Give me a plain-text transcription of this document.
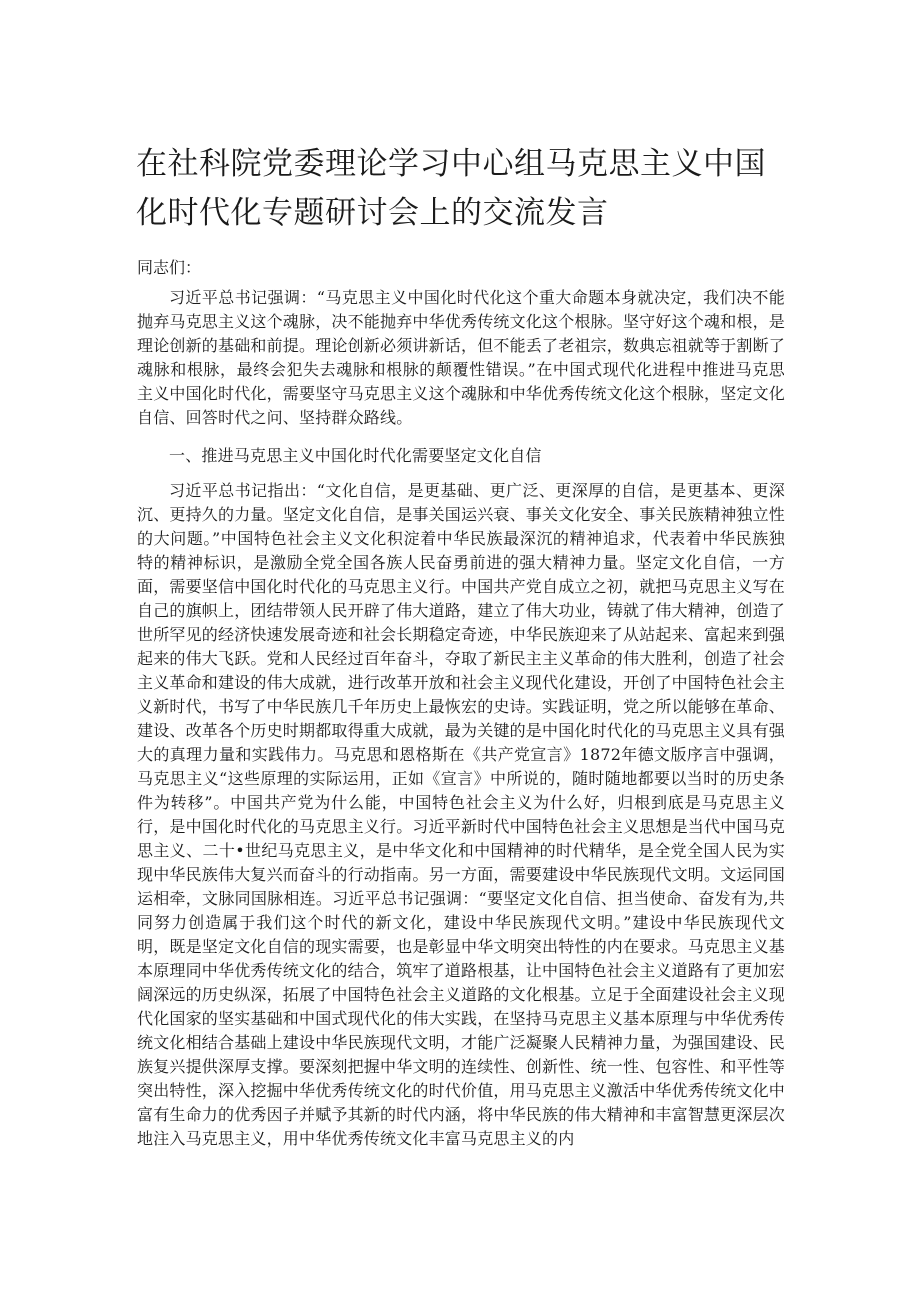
在社科院党委理论学习中心组马克思主义中国化时代化专题研讨会上的交流发言

同志们：

习近平总书记强调：“马克思主义中国化时代化这个重大命题本身就决定，我们决不能抛弃马克思主义这个魂脉，决不能抛弃中华优秀传统文化这个根脉。坚守好这个魂和根，是理论创新的基础和前提。理论创新必须讲新话，但不能丢了老祖宗，数典忘祖就等于割断了魂脉和根脉，最终会犯失去魂脉和根脉的颠覆性错误。”在中国式现代化进程中推进马克思主义中国化时代化，需要坚守马克思主义这个魂脉和中华优秀传统文化这个根脉，坚定文化自信、回答时代之问、坚持群众路线。

一、推进马克思主义中国化时代化需要坚定文化自信

习近平总书记指出：“文化自信，是更基础、更广泛、更深厚的自信，是更基本、更深沉、更持久的力量。坚定文化自信，是事关国运兴衰、事关文化安全、事关民族精神独立性的大问题。”中国特色社会主义文化积淀着中华民族最深沉的精神追求，代表着中华民族独特的精神标识，是激励全党全国各族人民奋勇前进的强大精神力量。坚定文化自信，一方面，需要坚信中国化时代化的马克思主义行。中国共产党自成立之初，就把马克思主义写在自己的旗帜上，团结带领人民开辟了伟大道路，建立了伟大功业，铸就了伟大精神，创造了世所罕见的经济快速发展奇迹和社会长期稳定奇迹，中华民族迎来了从站起来、富起来到强起来的伟大飞跃。党和人民经过百年奋斗，夺取了新民主主义革命的伟大胜利，创造了社会主义革命和建设的伟大成就，进行改革开放和社会主义现代化建设，开创了中国特色社会主义新时代，书写了中华民族几千年历史上最恢宏的史诗。实践证明，党之所以能够在革命、建设、改革各个历史时期都取得重大成就，最为关键的是中国化时代化的马克思主义具有强大的真理力量和实践伟力。马克思和恩格斯在《共产党宣言》1872年德文版序言中强调，马克思主义“这些原理的实际运用，正如《宣言》中所说的，随时随地都要以当时的历史条件为转移”。中国共产党为什么能，中国特色社会主义为什么好，归根到底是马克思主义行，是中国化时代化的马克思主义行。习近平新时代中国特色社会主义思想是当代中国马克思主义、二十•世纪马克思主义，是中华文化和中国精神的时代精华，是全党全国人民为实现中华民族伟大复兴而奋斗的行动指南。另一方面，需要建设中华民族现代文明。文运同国运相牵，文脉同国脉相连。习近平总书记强调：“要坚定文化自信、担当使命、奋发有为,共同努力创造属于我们这个时代的新文化，建设中华民族现代文明。”建设中华民族现代文明，既是坚定文化自信的现实需要，也是彰显中华文明突出特性的内在要求。马克思主义基本原理同中华优秀传统文化的结合，筑牢了道路根基，让中国特色社会主义道路有了更加宏阔深远的历史纵深，拓展了中国特色社会主义道路的文化根基。立足于全面建设社会主义现代化国家的坚实基础和中国式现代化的伟大实践，在坚持马克思主义基本原理与中华优秀传统文化相结合基础上建设中华民族现代文明，才能广泛凝聚人民精神力量，为强国建设、民族复兴提供深厚支撑。要深刻把握中华文明的连续性、创新性、统一性、包容性、和平性等突出特性，深入挖掘中华优秀传统文化的时代价值，用马克思主义激活中华优秀传统文化中富有生命力的优秀因子并赋予其新的时代内涵，将中华民族的伟大精神和丰富智慧更深层次地注入马克思主义，用中华优秀传统文化丰富马克思主义的内
